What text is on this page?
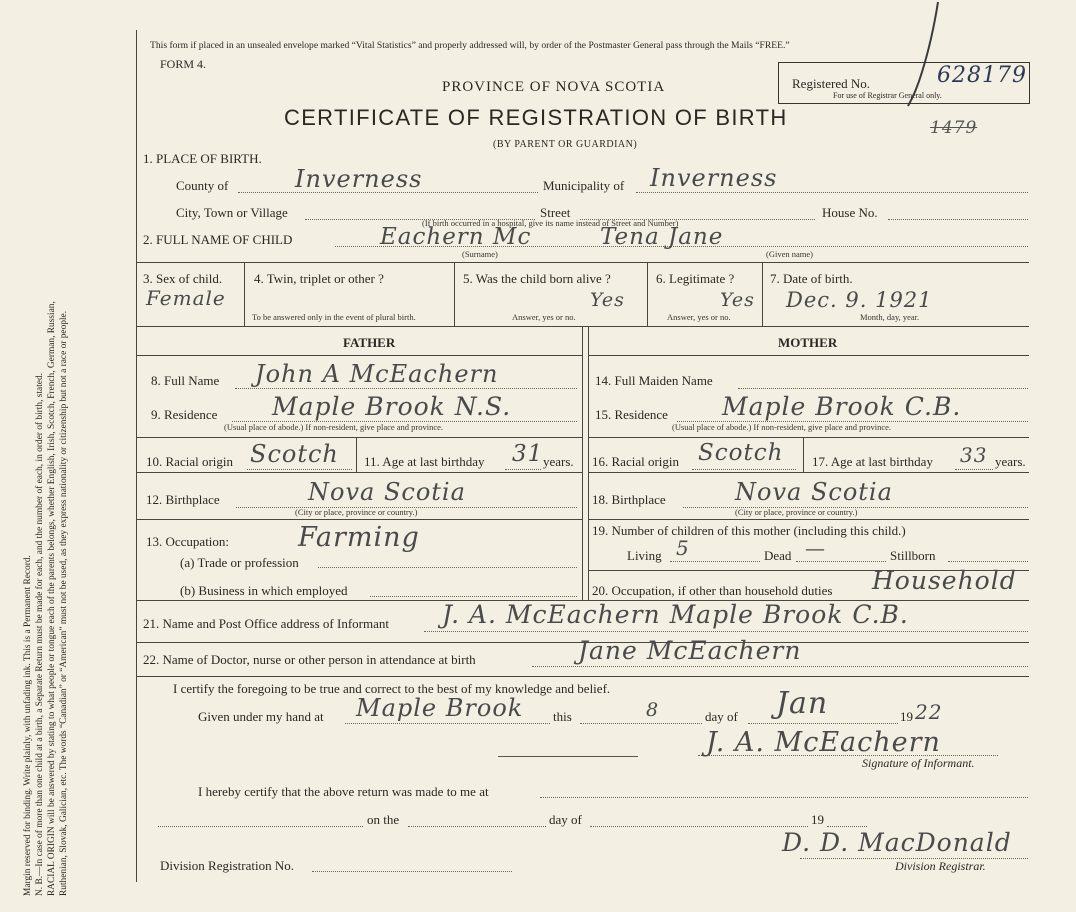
Margin reserved for binding. Write plainly, with unfading ink. This is a Permanent Record. N. B.—In case of more than one child at a birth, a Separate Return must be made for each, and the number of each, in order of birth, stated. RACIAL ORIGIN will be answered by stating to what people or tongue each of the parents belongs, whether English, Irish, Scotch, French, German, Russian, Ruthenian, Slovak, Galician, etc. The words “Canadian” or “American” must not be used, as they express nationality or citizenship but not a race or people.
This form if placed in an unsealed envelope marked “Vital Statistics” and properly addressed will, by order of the Postmaster General pass through the Mails “FREE.”
FORM 4.
PROVINCE OF NOVA SCOTIA
CERTIFICATE OF REGISTRATION OF BIRTH
(BY PARENT OR GUARDIAN)
Registered No.
For use of Registrar General only.
628179
1479
1. PLACE OF BIRTH.
County of	Inverness	Municipality of Inverness
City, Town or Village	Street	House No.
(If birth occurred in a hospital, give its name instead of Street and Number)
2. FULL NAME OF CHILD	Eachern Mc	Tena Jane
(Surname)	(Given name)
3. Sex of child.
Female
4. Twin, triplet or other ?
To be answered only in the event of plural birth.
5. Was the child born alive ?
Yes
Answer, yes or no.
6. Legitimate ?
Yes
Answer, yes or no.
7. Date of birth.
Dec. 9. 1921
Month, day, year.
FATHER	MOTHER
8. Full Name John A McEachern	14. Full Maiden Name
9. Residence Maple Brook N.S.
(Usual place of abode.) If non-resident, give place and province.
15. Residence Maple Brook C.B.
(Usual place of abode.) If non-resident, give place and province.
10. Racial origin Scotch 11. Age at last birthday 31 years. 16. Racial origin Scotch 17. Age at last birthday 33 years.
12. Birthplace	Nova Scotia
(City or place, province or country.)
18. Birthplace	Nova Scotia
(City or place, province or country.)
13. Occupation:	Farming
(a) Trade or profession
(b) Business in which employed
19. Number of children of this mother (including this child.)
Living 5	Dead —	Stillborn
20. Occupation, if other than household duties Household
21. Name and Post Office address of Informant J. A. McEachern Maple Brook C.B.
22. Name of Doctor, nurse or other person in attendance at birth	Jane McEachern
I certify the foregoing to be true and correct to the best of my knowledge and belief.
Given under my hand at Maple Brook this	8	day of Jan	19 22
J. A. McEachern
Signature of Informant.
I hereby certify that the above return was made to me at
on the	day of	19
Division Registration No.
D. D. MacDonald
Division Registrar.
